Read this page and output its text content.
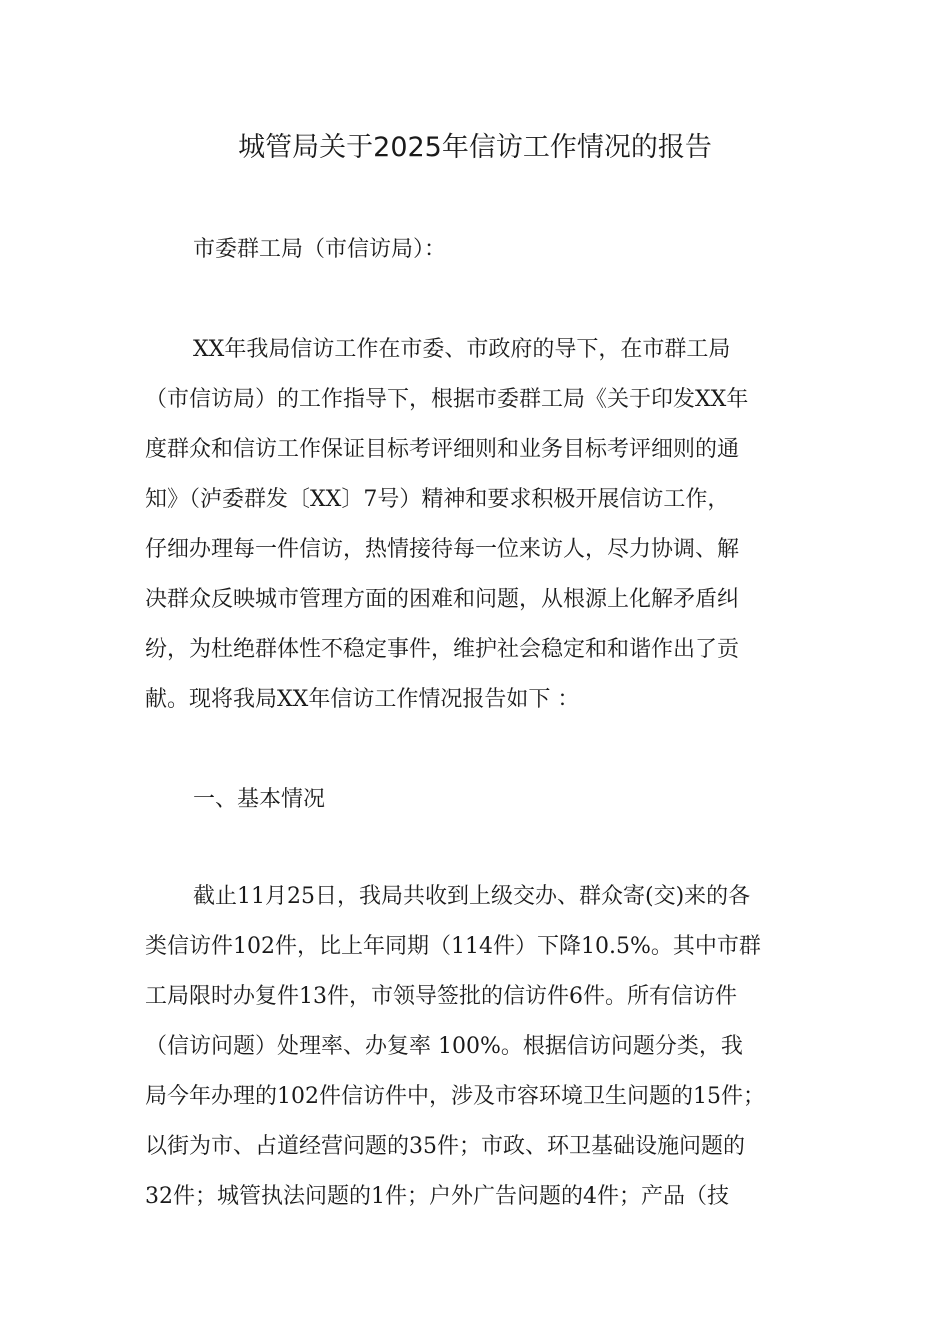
城管局关于2025年信访工作情况的报告

市委群工局（市信访局）：

XX年我局信访工作在市委、市政府的导下，在市群工局
（市信访局）的工作指导下，根据市委群工局《关于印发XX年
度群众和信访工作保证目标考评细则和业务目标考评细则的通
知》（泸委群发〔XX〕7号）精神和要求积极开展信访工作，
仔细办理每一件信访，热情接待每一位来访人，尽力协调、解
决群众反映城市管理方面的困难和问题，从根源上化解矛盾纠
纷，为杜绝群体性不稳定事件，维护社会稳定和和谐作出了贡
献。现将我局XX年信访工作情况报告如下 ：
一、基本情况
截止11月25日，我局共收到上级交办、群众寄(交)来的各
类信访件102件，比上年同期（114件）下降10.5%。其中市群
工局限时办复件13件，市领导签批的信访件6件。所有信访件
（信访问题）处理率、办复率 100%。根据信访问题分类，我
局今年办理的102件信访件中，涉及市容环境卫生问题的15件；
以街为市、占道经营问题的35件；市政、环卫基础设施问题的
32件；城管执法问题的1件；户外广告问题的4件；产品（技
